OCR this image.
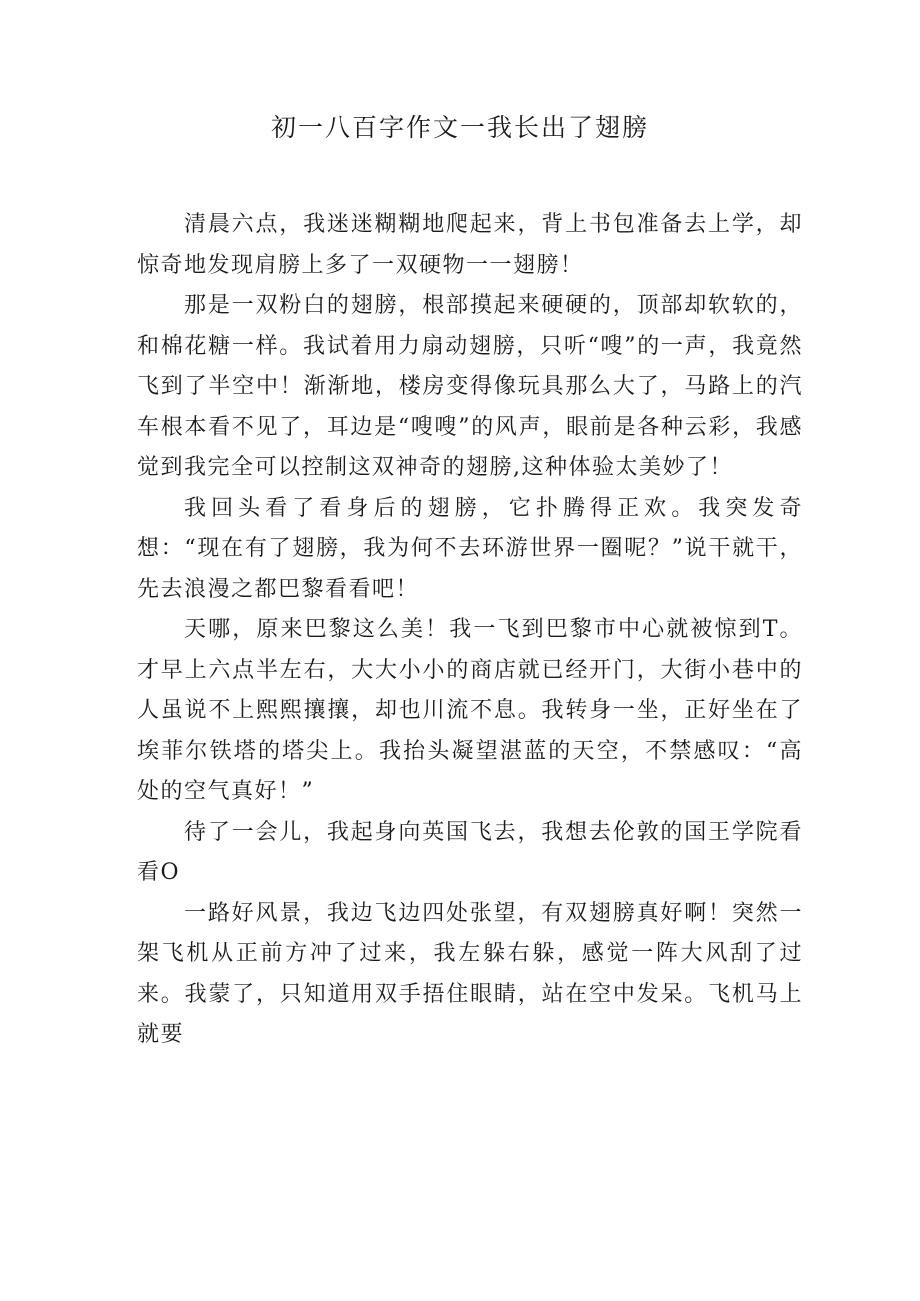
初一八百字作文一我长出了翅膀

清晨六点，我迷迷糊糊地爬起来，背上书包准备去上学，却惊奇地发现肩膀上多了一双硬物一一翅膀！

那是一双粉白的翅膀，根部摸起来硬硬的，顶部却软软的，和棉花糖一样。我试着用力扇动翅膀，只听“嗖”的一声，我竟然飞到了半空中！渐渐地，楼房变得像玩具那么大了，马路上的汽车根本看不见了，耳边是“嗖嗖”的风声，眼前是各种云彩，我感觉到我完全可以控制这双神奇的翅膀,这种体验太美妙了！

我回头看了看身后的翅膀，它扑腾得正欢。我突发奇想：“现在有了翅膀，我为何不去环游世界一圈呢？”说干就干，先去浪漫之都巴黎看看吧！

天哪，原来巴黎这么美！我一飞到巴黎市中心就被惊到T。才早上六点半左右，大大小小的商店就已经开门，大街小巷中的人虽说不上熙熙攘攘，却也川流不息。我转身一坐，正好坐在了埃菲尔铁塔的塔尖上。我抬头凝望湛蓝的天空，不禁感叹：“高处的空气真好！”

待了一会儿，我起身向英国飞去，我想去伦敦的国王学院看看O

一路好风景，我边飞边四处张望，有双翅膀真好啊！突然一架飞机从正前方冲了过来，我左躲右躲，感觉一阵大风刮了过来。我蒙了，只知道用双手捂住眼睛，站在空中发呆。飞机马上就要
